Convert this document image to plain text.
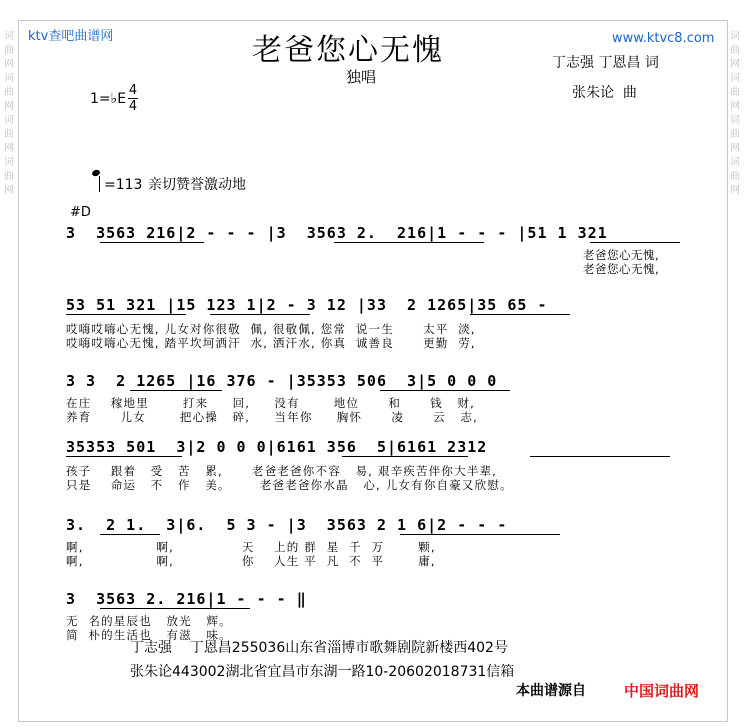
词曲网词曲网词曲网词曲网
词曲网词曲网词曲网词曲网
ktv查吧曲谱网	www.ktvc8.com
老爸您心无愧
独唱
丁志强 丁恩昌 词
张朱论  曲
1=♭E
4
4
=113 亲切赞誉激动地
#D
3  3563 216|2 - - - |3  3563 2.  216|1 - - - |51 1 321
老爸您心无愧,
老爸您心无愧,
53 51 321 |15 123 1|2 - 3 12 |33  2 1265|35 65 -
哎嗨哎嗨心无愧, 儿女对你很敬  佩, 很敬佩, 您常  说一生      太平  淡,
哎嗨哎嗨心无愧, 踏平坎坷洒汗  水, 洒汗水, 你真  诚善良      更勤  劳,
3 3  2 1265 |16 376 - |35353 506  3|5 0 0 0
在庄    稼地里       打来     回,     没有       地位      和      钱   财,
养育      儿女       把心操   碎,     当年你     胸怀      凌      云   志,
35353 501  3|2 0 0 0|6161 356  5|6161 2312
孩子    跟着   受   苦   累,      老爸老爸你不容   易, 艰辛疾苦伴你大半辈,
只是    命运   不   作   美。      老爸老爸你水晶   心, 儿女有你自豪又欣慰。
3.  2 1.  3|6.  5 3 - |3  3563 2 1 6|2 - - -
啊,               啊,              天    上的 群  星  千  万       颗,
啊,               啊,              你    人生 平  凡  不  平       庸,
3  3563 2. 216|1 - - - ‖
无  名的星辰也   放光   辉。
简  朴的生活也   有滋   味。
丁志强    丁恩昌255036山东省淄博市歌舞剧院新楼西402号
张朱论443002湖北省宜昌市东湖一路10-20602018731信箱
本曲谱源自	中国词曲网
